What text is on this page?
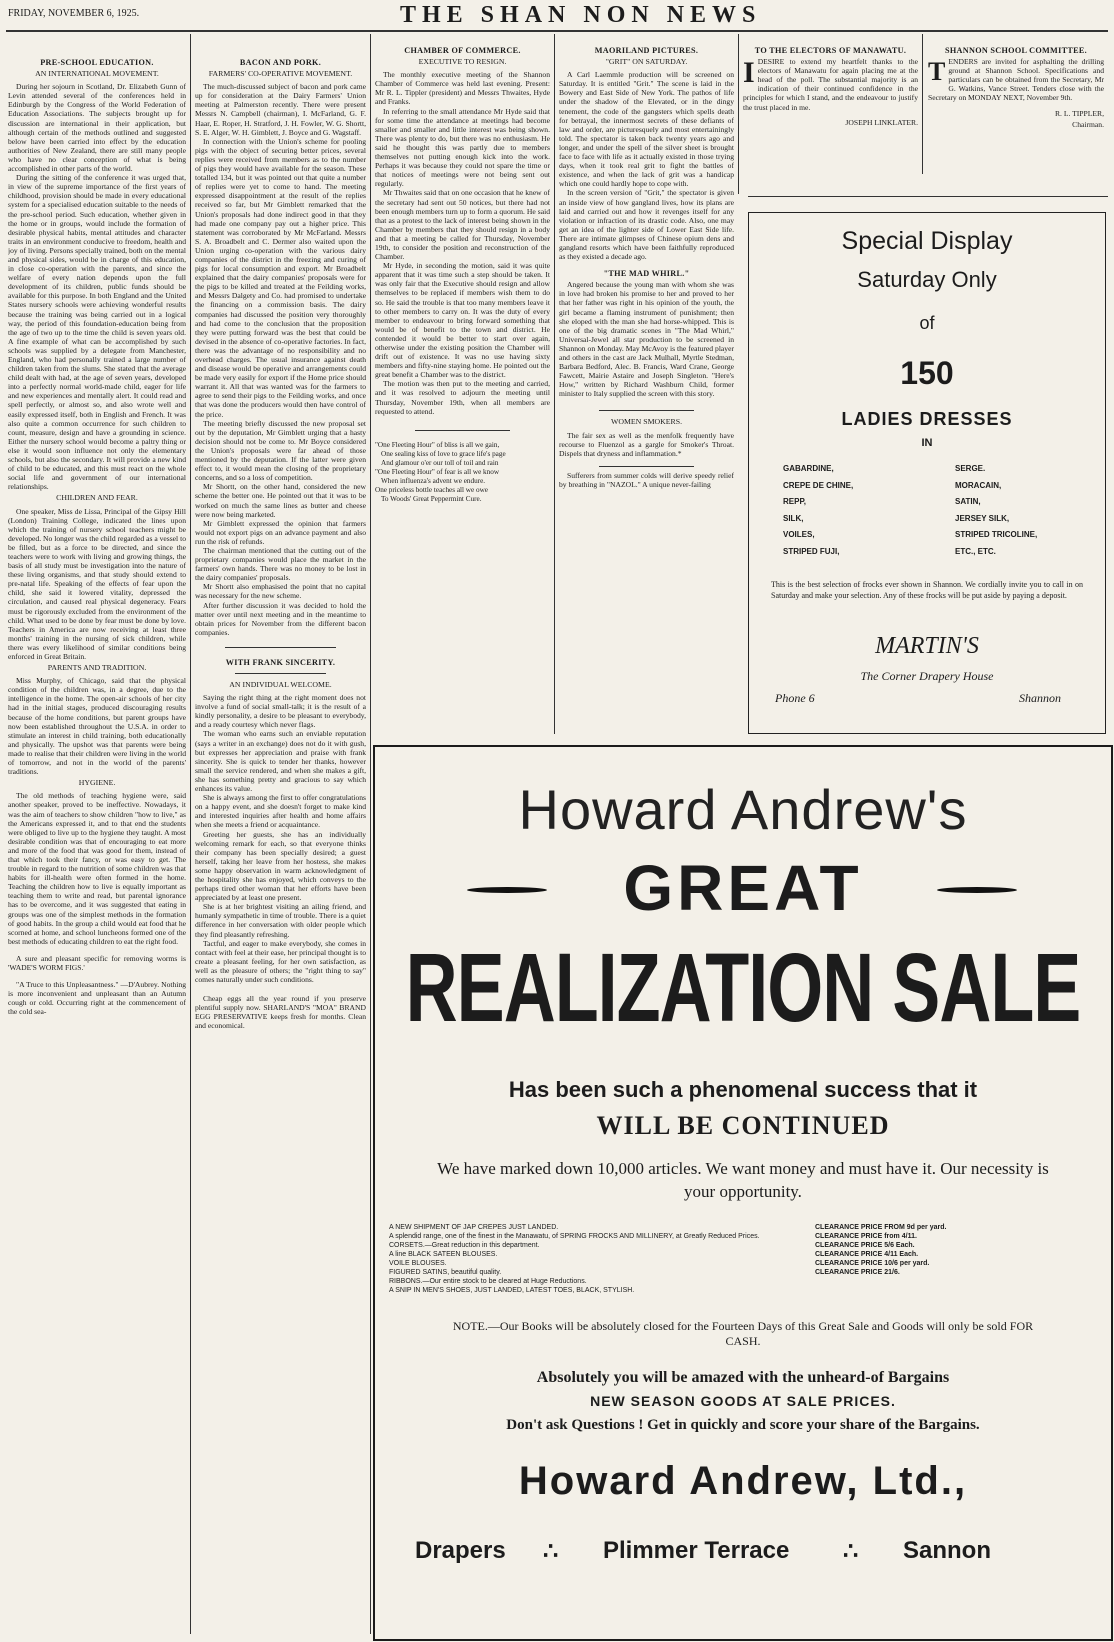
FRIDAY, NOVEMBER 6, 1925.	THE SHAN NON NEWS
PRE-SCHOOL EDUCATION.
AN INTERNATIONAL MOVEMENT.

During her sojourn in Scotland, Dr. Elizabeth Gunn of Levin attended several of the conferences held in Edinburgh by the Congress of the World Federation of Education Associations. The subjects brought up for discussion are international in their application, but although certain of the methods outlined and suggested below have been carried into effect by the education authorities of New Zealand, there are still many people who have no clear conception of what is being accomplished in other parts of the world.

During the sitting of the conference it was urged that, in view of the supreme importance of the first years of childhood, provision should be made in every educational system for a specialised education suitable to the needs of the pre-school period. Such education, whether given in the home or in groups, would include the formation of desirable physical habits, mental attitudes and character traits in an environment conducive to freedom, health and joy of living. Persons specially trained, both on the mental and physical sides, would be in charge of this education, in close co-operation with the parents, and since the welfare of every nation depends upon the full development of its children, public funds should be available for this purpose. In both England and the United States nursery schools were achieving wonderful results because the training was being carried out in a logical way, the period of this foundation-education being from the age of two up to the time the child is seven years old. A fine example of what can be accomplished by such schools was supplied by a delegate from Manchester, England, who had personally trained a large number of children taken from the slums. She stated that the average child dealt with had, at the age of seven years, developed into a perfectly normal world-made child, eager for life and new experiences and mentally alert. It could read and spell perfectly, or almost so, and also wrote well and easily expressed itself, both in English and French. It was also quite a common occurrence for such children to count, measure, design and have a grounding in science. Either the nursery school would become a paltry thing or else it would soon influence not only the elementary schools, but also the secondary. It will provide a new kind of child to be educated, and this must react on the whole social life and government of our international relationships.

CHILDREN AND FEAR.

One speaker, Miss de Lissa, Principal of the Gipsy Hill (London) Training College, indicated the lines upon which the training of nursery school teachers might be developed. No longer was the child regarded as a vessel to be filled, but as a force to be directed, and since the teachers were to work with living and growing things, the basis of all study must be investigation into the nature of these living organisms, and that study should extend to pre-natal life. Speaking of the effects of fear upon the child, she said it lowered vitality, depressed the circulation, and caused real physical degeneracy. Fears must be rigorously excluded from the environment of the child. What used to be done by fear must be done by love. Teachers in America are now receiving at least three months' training in the nursing of sick children, while there was every likelihood of similar conditions being enforced in Great Britain.

PARENTS AND TRADITION.

Miss Murphy, of Chicago, said that the physical condition of the children was, in a degree, due to the intelligence in the home. The open-air schools of her city had in the initial stages, produced discouraging results because of the home conditions, but parent groups have now been established throughout the U.S.A. in order to stimulate an interest in child training, both educationally and physically. The upshot was that parents were being made to realise that their children were living in the world of tomorrow, and not in the world of the parents' traditions.

HYGIENE.

The old methods of teaching hygiene were, said another speaker, proved to be ineffective. Nowadays, it was the aim of teachers to show children "how to live," as the Americans expressed it, and to that end the students were obliged to live up to the hygiene they taught. A most desirable condition was that of encouraging to eat more and more of the food that was good for them, instead of that which took their fancy, or was easy to get. The trouble in regard to the nutrition of some children was that habits for ill-health were often formed in the home. Teaching the children how to live is equally important as teaching them to write and read, but parental ignorance has to be overcome, and it was suggested that eating in groups was one of the simplest methods in the formation of good habits. In the group a child would eat food that he scorned at home, and school luncheons formed one of the best methods of educating children to eat the right food.

A sure and pleasant specific for removing worms is 'WADE'S WORM FIGS.'

"A Truce to this Unpleasantness." —D'Aubrey. Nothing is more inconvenient and unpleasant than an Autumn cough or cold. Occurring right at the commencement of the cold sea-

BACON AND PORK.
FARMERS' CO-OPERATIVE MOVEMENT.

The much-discussed subject of bacon and pork came up for consideration at the Dairy Farmers' Union meeting at Palmerston recently. There were present Messrs N. Campbell (chairman), I. McFarland, G. F. Haar, E. Roper, H. Stratford, J. H. Fowler, W. G. Shortt, S. E. Alger, W. H. Gimblett, J. Boyce and G. Wagstaff.

In connection with the Union's scheme for pooling pigs with the object of securing better prices, several replies were received from members as to the number of pigs they would have available for the season. These totalled 134, but it was pointed out that quite a number of replies were yet to come to hand. The meeting expressed disappointment at the result of the replies received so far, but Mr Gimblett remarked that the Union's proposals had done indirect good in that they had made one company pay out a higher price. This statement was corroborated by Mr McFarland. Messrs S. A. Broadbelt and C. Dermer also waited upon the Union urging co-operation with the various dairy companies of the district in the freezing and curing of pigs for local consumption and export. Mr Broadbelt explained that the dairy companies' proposals were for the pigs to be killed and treated at the Feilding works, and Messrs Dalgety and Co. had promised to undertake the financing on a commission basis. The dairy companies had discussed the position very thoroughly and had come to the conclusion that the proposition they were putting forward was the best that could be devised in the absence of co-operative factories. In fact, there was the advantage of no responsibility and no overhead charges. The usual insurance against death and disease would be operative and arrangements could be made very easily for export if the Home price should warrant it. All that was wanted was for the farmers to agree to send their pigs to the Feilding works, and once that was done the producers would then have control of the price.

The meeting briefly discussed the new proposal set out by the deputation, Mr Gimblett urging that a hasty decision should not be come to. Mr Boyce considered the Union's proposals were far ahead of those mentioned by the deputation. If the latter were given effect to, it would mean the closing of the proprietary concerns, and so a loss of competition.

Mr Shortt, on the other hand, considered the new scheme the better one. He pointed out that it was to be worked on much the same lines as butter and cheese were now being marketed.

Mr Gimblett expressed the opinion that farmers would not export pigs on an advance payment and also run the risk of refunds.

The chairman mentioned that the cutting out of the proprietary companies would place the market in the farmers' own hands. There was no money to be lost in the dairy companies' proposals.

Mr Shortt also emphasised the point that no capital was necessary for the new scheme.

After further discussion it was decided to hold the matter over until next meeting and in the meantime to obtain prices for November from the different bacon companies.

WITH FRANK SINCERITY.
AN INDIVIDUAL WELCOME.

Saying the right thing at the right moment does not involve a fund of social small-talk; it is the result of a kindly personality, a desire to be pleasant to everybody, and a ready courtesy which never flags.

The woman who earns such an enviable reputation (says a writer in an exchange) does not do it with gush, but expresses her appreciation and praise with frank sincerity. She is quick to tender her thanks, however small the service rendered, and when she makes a gift, she has something pretty and gracious to say which enhances its value.

She is always among the first to offer congratulations on a happy event, and she doesn't forget to make kind and interested inquiries after health and home affairs when she meets a friend or acquaintance.

Greeting her guests, she has an individually welcoming remark for each, so that everyone thinks their company has been specially desired; a guest herself, taking her leave from her hostess, she makes some happy observation in warm acknowledgment of the hospitality she has enjoyed, which conveys to the perhaps tired other woman that her efforts have been appreciated by at least one present.

She is at her brightest visiting an ailing friend, and humanly sympathetic in time of trouble. There is a quiet difference in her conversation with older people which they find pleasantly refreshing.

Tactful, and eager to make everybody, she comes in contact with feel at their ease, her principal thought is to create a pleasant feeling, for her own satisfaction, as well as the pleasure of others; the "right thing to say" comes naturally under such conditions.

Cheap eggs all the year round if you preserve plentiful supply now. SHARLAND'S "MOA" BRAND EGG PRESERVATIVE keeps fresh for months. Clean and economical.

CHAMBER OF COMMERCE.
EXECUTIVE TO RESIGN.

The monthly executive meeting of the Shannon Chamber of Commerce was held last evening. Present: Mr R. L. Tippler (president) and Messrs Thwaites, Hyde and Franks.

In referring to the small attendance Mr Hyde said that for some time the attendance at meetings had become smaller and smaller and little interest was being shown. There was plenty to do, but there was no enthusiasm. He said he thought this was partly due to members themselves not putting enough kick into the work. Perhaps it was because they could not spare the time or that notices of meetings were not being sent out regularly.

Mr Thwaites said that on one occasion that he knew of the secretary had sent out 50 notices, but there had not been enough members turn up to form a quorum. He said that as a protest to the lack of interest being shown in the Chamber by members that they should resign in a body and that a meeting be called for Thursday, November 19th, to consider the position and reconstruction of the Chamber.

Mr Hyde, in seconding the motion, said it was quite apparent that it was time such a step should be taken. It was only fair that the Executive should resign and allow themselves to be replaced if members wish them to do so. He said the trouble is that too many members leave it to other members to carry on. It was the duty of every member to endeavour to bring forward something that would be of benefit to the town and district. He contended it would be better to start over again, otherwise under the existing position the Chamber will drift out of existence. It was no use having sixty members and fifty-nine staying home. He pointed out the great benefit a Chamber was to the district.

The motion was then put to the meeting and carried, and it was resolved to adjourn the meeting until Thursday, November 19th, when all members are requested to attend.

"One Fleeting Hour" of bliss is all we gain,
One sealing kiss of love to grace life's page
And glamour o'er our toll of toil and rain
"One Fleeting Hour" of fear is all we know
When influenza's advent we endure.
One priceless bottle teaches all we owe
To Woods' Great Peppermint Cure.
MAORILAND PICTURES.
"GRIT" ON SATURDAY.

A Carl Laemmle production will be screened on Saturday. It is entitled "Grit." The scene is laid in the Bowery and East Side of New York. The pathos of life under the shadow of the Elevated, or in the dingy tenement, the code of the gangsters which spells death for betrayal, the innermost secrets of these defiants of law and order, are picturesquely and most entertainingly told. The spectator is taken back twenty years ago and longer, and under the spell of the silver sheet is brought face to face with life as it actually existed in those trying days, when it took real grit to fight the battles of existence, and when the lack of grit was a handicap which one could hardly hope to cope with.

In the screen version of "Grit," the spectator is given an inside view of how gangland lives, how its plans are laid and carried out and how it revenges itself for any violation or infraction of its drastic code. Also, one may get an idea of the lighter side of Lower East Side life. There are intimate glimpses of Chinese opium dens and gangland resorts which have been faithfully reproduced as they existed a decade ago.

"THE MAD WHIRL."

Angered because the young man with whom she was in love had broken his promise to her and proved to her that her father was right in his opinion of the youth, the girl became a flaming instrument of punishment; then she eloped with the man she had horse-whipped. This is one of the big dramatic scenes in "The Mad Whirl," Universal-Jewel all star production to be screened in Shannon on Monday. May McAvoy is the featured player and others in the cast are Jack Mulhall, Myrtle Stedman, Barbara Bedford, Alec. B. Francis, Ward Crane, George Fawcett, Mairie Astaire and Joseph Singleton. "Here's How," written by Richard Washburn Child, former minister to Italy supplied the screen with this story.

WOMEN SMOKERS.

The fair sex as well as the menfolk frequently have recourse to Fluenzol as a gargle for Smoker's Throat. Dispels that dryness and inflammation.*

Sufferers from summer colds will derive speedy relief by breathing in "NAZOL." A unique never-failing

TO THE ELECTORS OF MANAWATU.
I DESIRE to extend my heartfelt thanks to the electors of Manawatu for again placing me at the head of the poll. The substantial majority is an indication of their continued confidence in the principles for which I stand, and the endeavour to justify the trust placed in me.
JOSEPH LINKLATER.
SHANNON SCHOOL COMMITTEE.
T ENDERS are invited for asphalting the drilling ground at Shannon School. Specifications and particulars can be obtained from the Secretary, Mr G. Watkins, Vance Street. Tenders close with the Secretary on MONDAY NEXT, November 9th.
R. L. TIPPLER,
Chairman.
Special Display
Saturday Only
of
150
LADIES DRESSES
IN
GABARDINE,
CREPE DE CHINE,
REPP,
SILK,
VOILES,
STRIPED FUJI,
SERGE.
MORACAIN,
SATIN,
JERSEY SILK,
STRIPED TRICOLINE,
ETC., ETC.
This is the best selection of frocks ever shown in Shannon. We cordially invite you to call in on Saturday and make your selection. Any of these frocks will be put aside by paying a deposit.
MARTIN'S
The Corner Drapery House
Phone 6	Shannon
Howard Andrew's
GREAT
REALIZATION SALE
Has been such a phenomenal success that it
WILL BE CONTINUED
We have marked down 10,000 articles. We want money and must have it. Our necessity is your opportunity.
A NEW SHIPMENT OF JAP CREPES JUST LANDED.
A splendid range, one of the finest in the Manawatu, of SPRING FROCKS AND MILLINERY, at Greatly Reduced Prices.
CORSETS.—Great reduction in this department.
A line BLACK SATEEN BLOUSES.
VOILE BLOUSES.
FIGURED SATINS, beautiful quality.
RIBBONS.—Our entire stock to be cleared at Huge Reductions.
A SNIP IN MEN'S SHOES, JUST LANDED, LATEST TOES, BLACK, STYLISH.
CLEARANCE PRICE FROM 9d per yard.
CLEARANCE PRICE from 4/11.
CLEARANCE PRICE 5/6 Each.
CLEARANCE PRICE 4/11 Each.
CLEARANCE PRICE 10/6 per yard.
CLEARANCE PRICE 21/6.
NOTE.—Our Books will be absolutely closed for the Fourteen Days of this Great Sale and Goods will only be sold FOR CASH.
Absolutely you will be amazed with the unheard-of Bargains
NEW SEASON GOODS AT SALE PRICES.
Don't ask Questions ! Get in quickly and score your share of the Bargains.
Howard Andrew, Ltd.,
Drapers ∴ Plimmer Terrace ∴ Sannon
